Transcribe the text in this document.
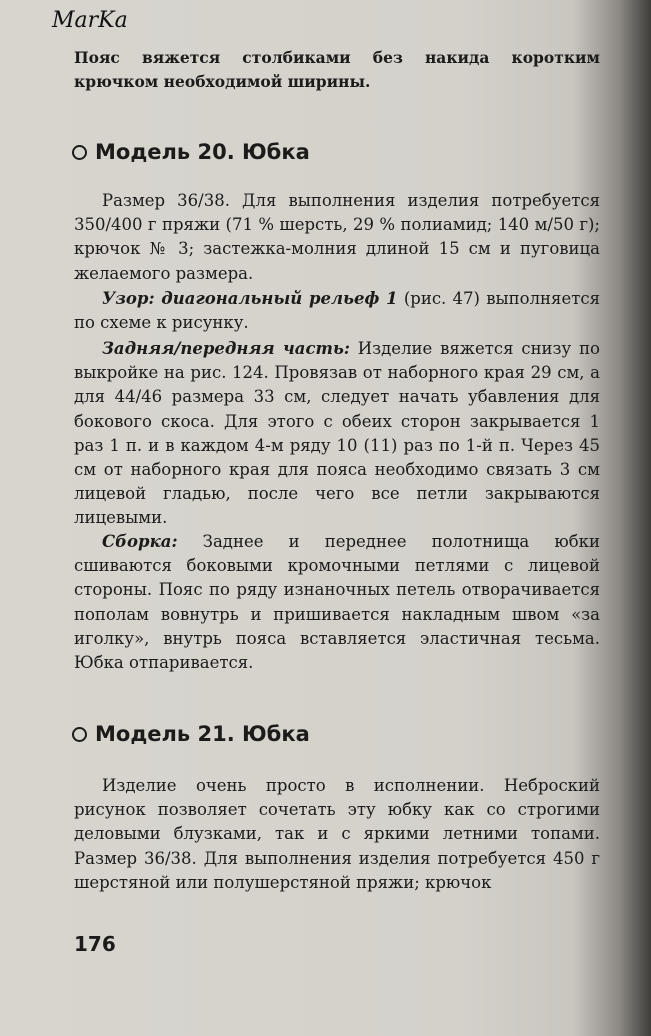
MarKa
Пояс вяжется столбиками без накида коротким крючком необходимой ширины.
Модель 20. Юбка
Размер 36/38. Для выполнения изделия потребуется 350/400 г пряжи (71 % шерсть, 29 % полиамид; 140 м/50 г); крючок № 3; застежка-молния длиной 15 см и пуговица желаемого размера.
Узор: диагональный рельеф 1 (рис. 47) выполняется по схеме к рисунку.
Задняя/передняя часть: Изделие вяжется снизу по выкройке на рис. 124. Провязав от наборного края 29 см, а для 44/46 размера 33 см, следует начать убавления для бокового скоса. Для этого с обеих сторон закрывается 1 раз 1 п. и в каждом 4-м ряду 10 (11) раз по 1-й п. Через 45 см от наборного края для пояса необходимо связать 3 см лицевой гладью, после чего все петли закрываются лицевыми.
Сборка: Заднее и переднее полотнища юбки сшиваются боковыми кромочными петлями с лицевой стороны. Пояс по ряду изнаночных петель отворачивается пополам вовнутрь и пришивается накладным швом «за иголку», внутрь пояса вставляется эластичная тесьма. Юбка отпаривается.
Модель 21. Юбка
Изделие очень просто в исполнении. Неброский рисунок позволяет сочетать эту юбку как со строгими деловыми блузками, так и с яркими летними топами. Размер 36/38. Для выполнения изделия потребуется 450 г шерстяной или полушерстяной пряжи; крючок
176
